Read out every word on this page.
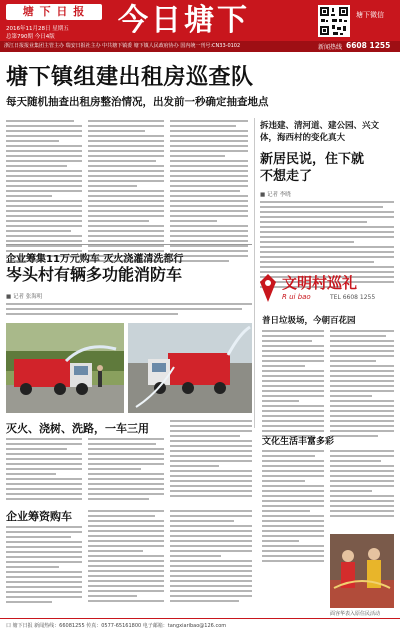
塘 下 日 报
2016年11月28日 星期五
总第790期 今日4版 今日塘下	塘下微信
浙江日报报业集团主管主办 瑞安日报社主办 中共塘下镇委 塘下镇人民政府协办 国内统一刊号:CN33-0102	新闻热线 6608 1255
塘下镇组建出租房巡查队
每天随机抽查出租房整治情况，出发前一秒确定抽查地点
拆违建、清河道、建公园、兴文体，海西村的变化真大
新居民说，住下就不想走了
■ 记者 李晓
文明村巡礼
R ui bao	TEL 6608 1255
普日垃圾场，今朝百花园
企业筹集11万元购车 灭火浇灌清洗都行
岑头村有辆多功能消防车
■ 记者 张海明
灭火、浇树、洗路，一车三用
企业筹资购车
文化生活丰富多彩
面容华表入原住民活动
口 塘下日报 新闻热线：66081255 传真：0577-65161800 电子邮箱：tangxiaribao@126.com
